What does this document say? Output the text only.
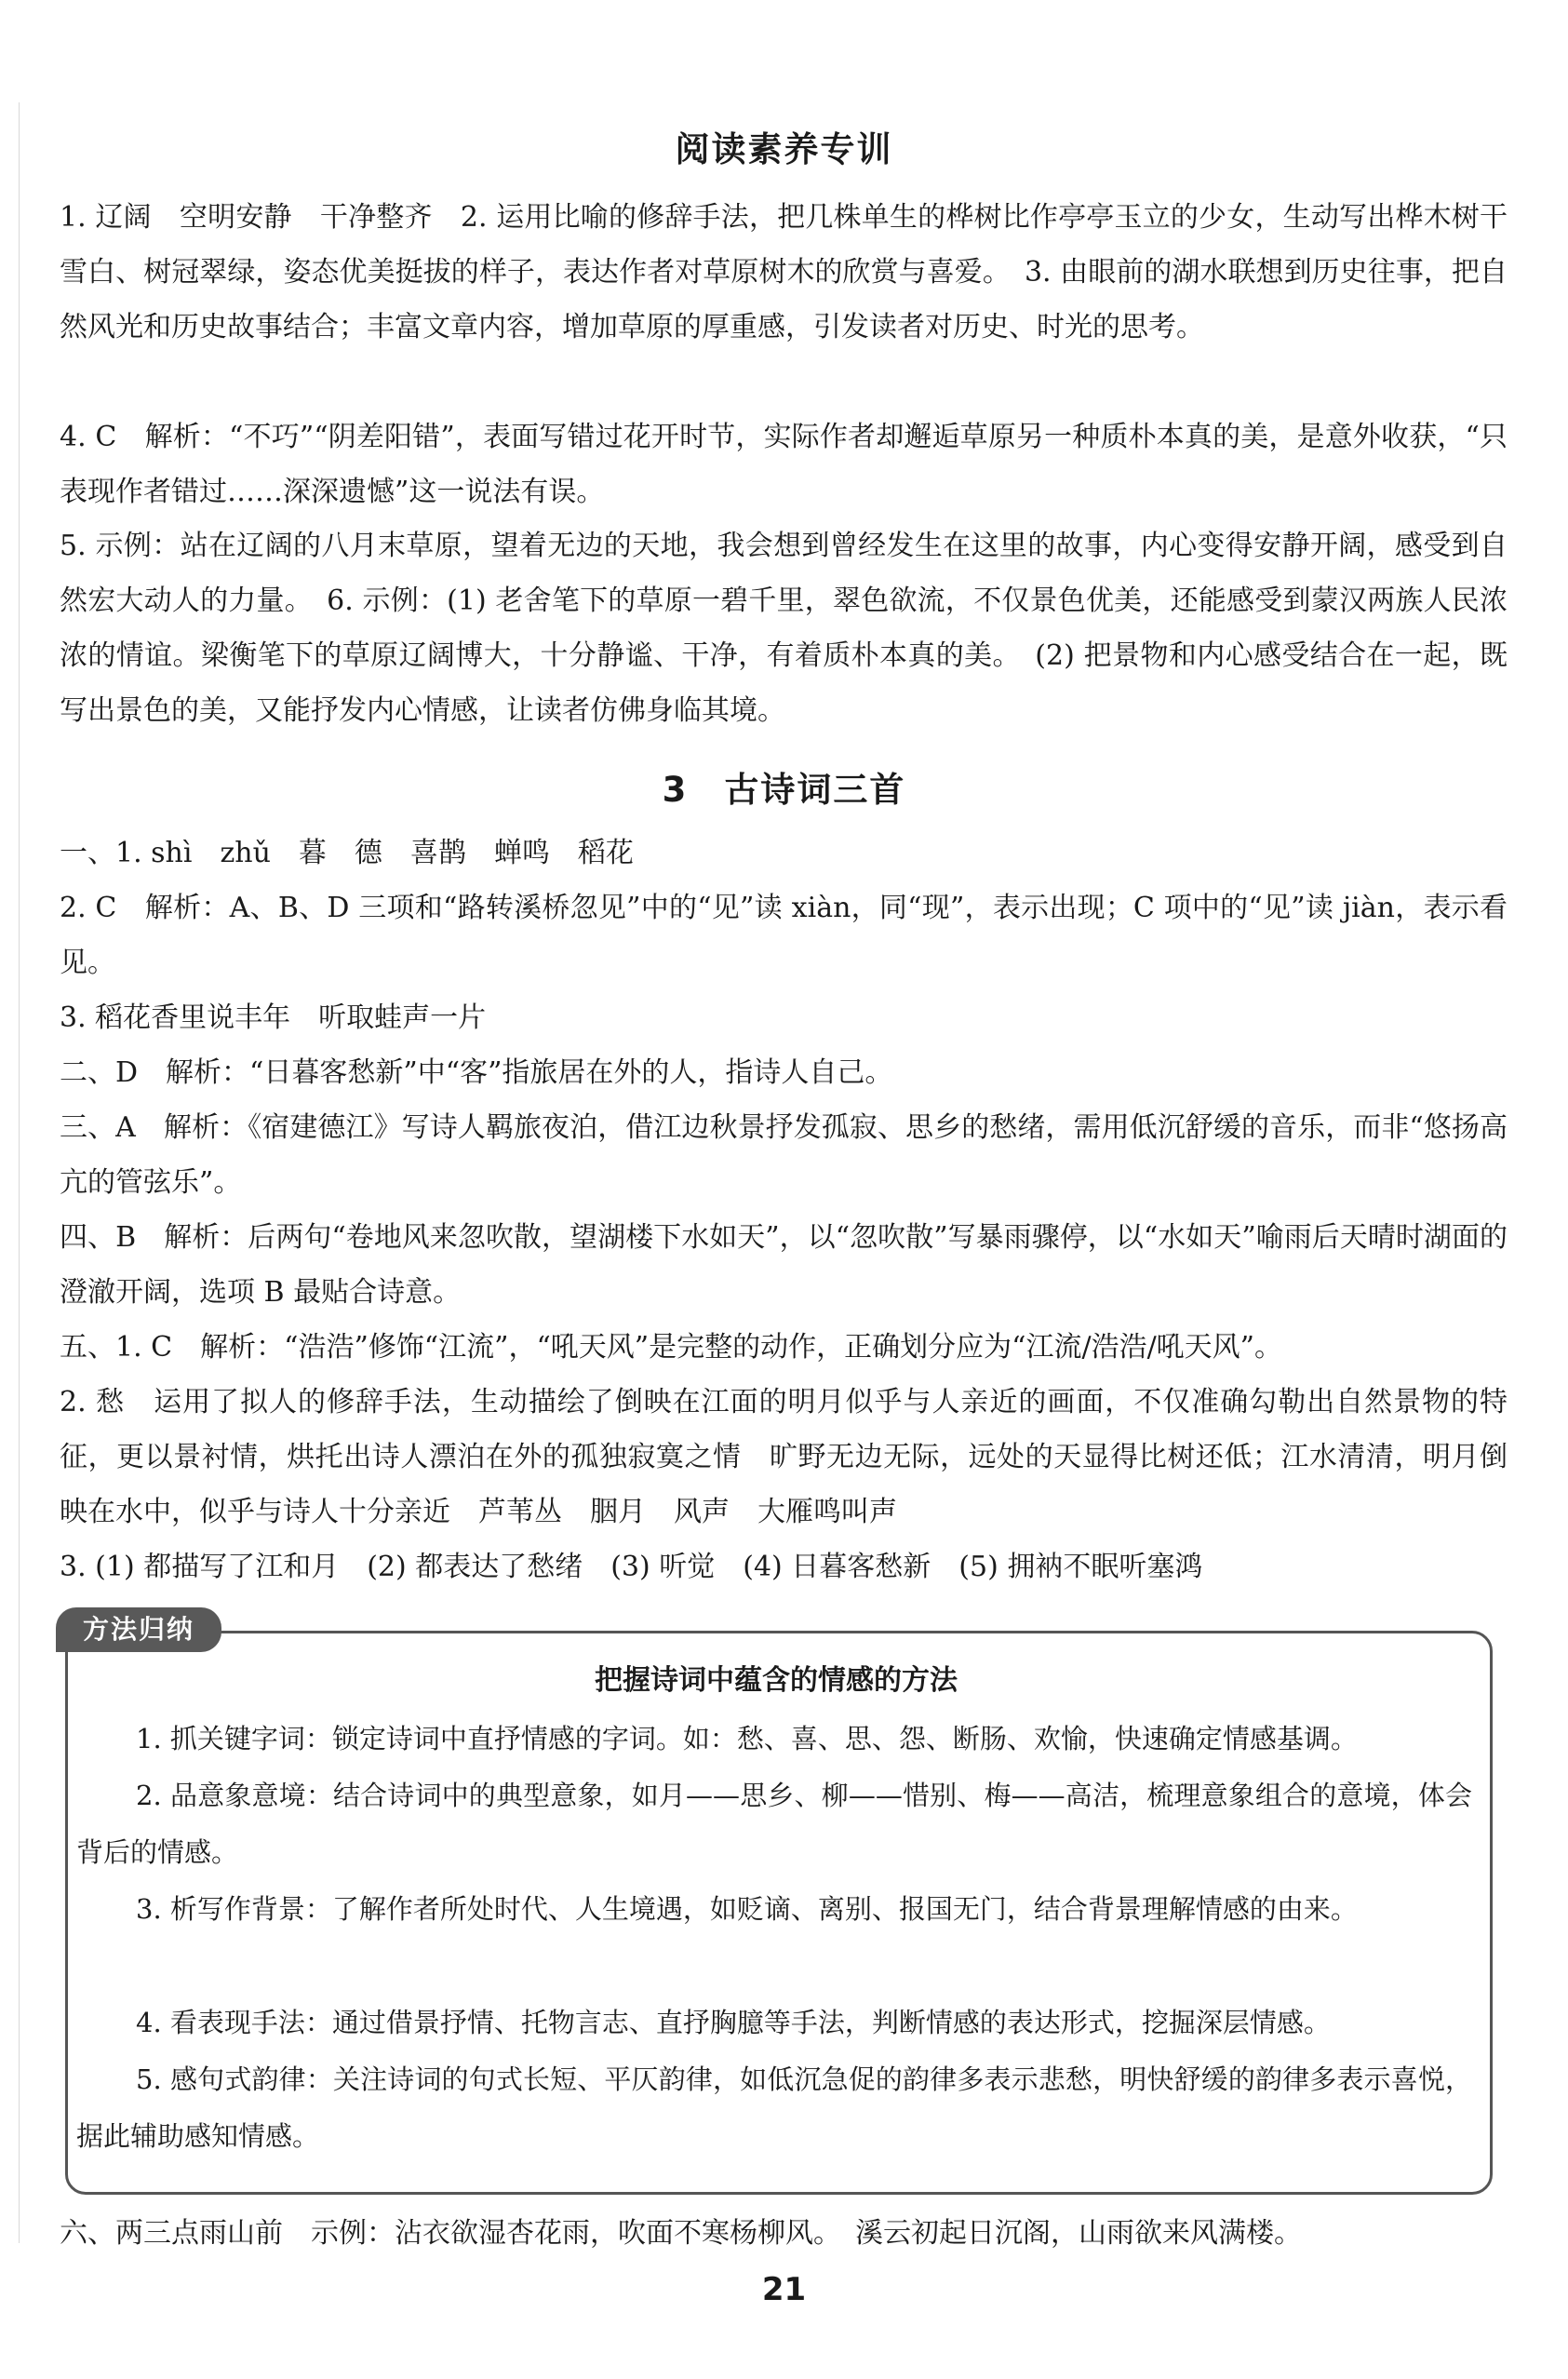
阅读素养专训

1. 辽阔　空明安静　干净整齐　2. 运用比喻的修辞手法，把几株单生的桦树比作亭亭玉立的少女，生动写出桦木树干雪白、树冠翠绿，姿态优美挺拔的样子，表达作者对草原树木的欣赏与喜爱。　3. 由眼前的湖水联想到历史往事，把自然风光和历史故事结合；丰富文章内容，增加草原的厚重感，引发读者对历史、时光的思考。

4. C　解析：“不巧”“阴差阳错”，表面写错过花开时节，实际作者却邂逅草原另一种质朴本真的美，是意外收获，“只表现作者错过……深深遗憾”这一说法有误。

5. 示例：站在辽阔的八月末草原，望着无边的天地，我会想到曾经发生在这里的故事，内心变得安静开阔，感受到自然宏大动人的力量。　6. 示例：(1) 老舍笔下的草原一碧千里，翠色欲流，不仅景色优美，还能感受到蒙汉两族人民浓浓的情谊。梁衡笔下的草原辽阔博大，十分静谧、干净，有着质朴本真的美。　(2) 把景物和内心感受结合在一起，既写出景色的美，又能抒发内心情感，让读者仿佛身临其境。

3　古诗词三首

一、1. shì　zhǔ　暮　德　喜鹊　蝉鸣　稻花

2. C　解析：A、B、D 三项和“路转溪桥忽见”中的“见”读 xiàn，同“现”，表示出现；C 项中的“见”读 jiàn，表示看见。

3. 稻花香里说丰年　听取蛙声一片

二、D　解析：“日暮客愁新”中“客”指旅居在外的人，指诗人自己。

三、A　解析：《宿建德江》写诗人羁旅夜泊，借江边秋景抒发孤寂、思乡的愁绪，需用低沉舒缓的音乐，而非“悠扬高亢的管弦乐”。

四、B　解析：后两句“卷地风来忽吹散，望湖楼下水如天”，以“忽吹散”写暴雨骤停，以“水如天”喻雨后天晴时湖面的澄澈开阔，选项 B 最贴合诗意。

五、1. C　解析：“浩浩”修饰“江流”，“吼天风”是完整的动作，正确划分应为“江流/浩浩/吼天风”。

2. 愁　运用了拟人的修辞手法，生动描绘了倒映在江面的明月似乎与人亲近的画面，不仅准确勾勒出自然景物的特征，更以景衬情，烘托出诗人漂泊在外的孤独寂寞之情　旷野无边无际，远处的天显得比树还低；江水清清，明月倒映在水中，似乎与诗人十分亲近　芦苇丛　胭月　风声　大雁鸣叫声

3. (1) 都描写了江和月　(2) 都表达了愁绪　(3) 听觉　(4) 日暮客愁新　(5) 拥衲不眠听塞鸿

方法归纳
把握诗词中蕴含的情感的方法

1. 抓关键字词：锁定诗词中直抒情感的字词。如：愁、喜、思、怨、断肠、欢愉，快速确定情感基调。

2. 品意象意境：结合诗词中的典型意象，如月——思乡、柳——惜别、梅——高洁，梳理意象组合的意境，体会背后的情感。

3. 析写作背景：了解作者所处时代、人生境遇，如贬谪、离别、报国无门，结合背景理解情感的由来。

4. 看表现手法：通过借景抒情、托物言志、直抒胸臆等手法，判断情感的表达形式，挖掘深层情感。

5. 感句式韵律：关注诗词的句式长短、平仄韵律，如低沉急促的韵律多表示悲愁，明快舒缓的韵律多表示喜悦，据此辅助感知情感。

六、两三点雨山前　示例：沾衣欲湿杏花雨，吹面不寒杨柳风。　溪云初起日沉阁，山雨欲来风满楼。

21
